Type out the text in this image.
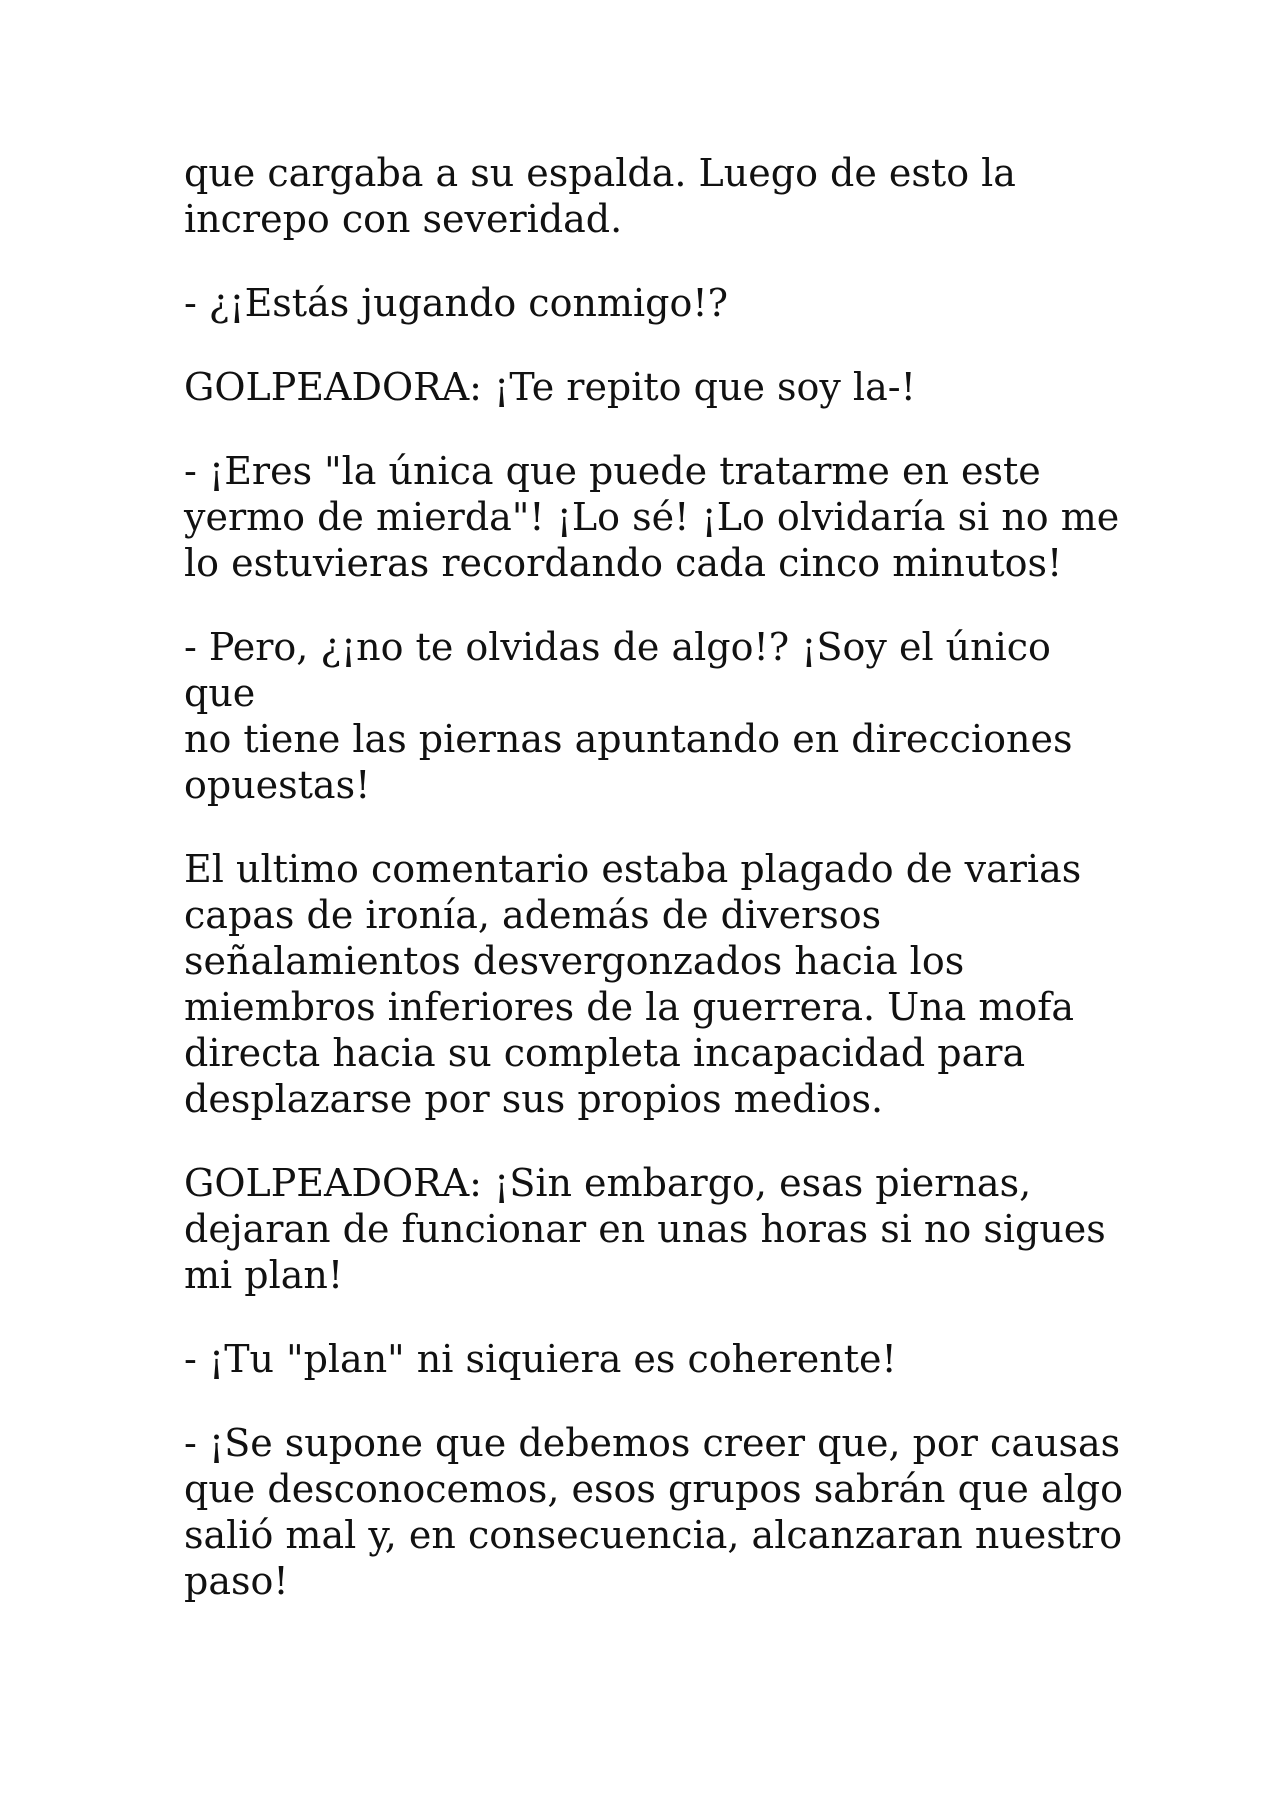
que cargaba a su espalda. Luego de esto la
increpo con severidad.

- ¿¡Estás jugando conmigo!?

GOLPEADORA: ¡Te repito que soy la-!

- ¡Eres "la única que puede tratarme en este
yermo de mierda"! ¡Lo sé! ¡Lo olvidaría si no me
lo estuvieras recordando cada cinco minutos!

- Pero, ¿¡no te olvidas de algo!? ¡Soy el único que
no tiene las piernas apuntando en direcciones
opuestas!

El ultimo comentario estaba plagado de varias
capas de ironía, además de diversos
señalamientos desvergonzados hacia los
miembros inferiores de la guerrera. Una mofa
directa hacia su completa incapacidad para
desplazarse por sus propios medios.

GOLPEADORA: ¡Sin embargo, esas piernas,
dejaran de funcionar en unas horas si no sigues
mi plan!

- ¡Tu "plan" ni siquiera es coherente!

- ¡Se supone que debemos creer que, por causas
que desconocemos, esos grupos sabrán que algo
salió mal y, en consecuencia, alcanzaran nuestro
paso!
